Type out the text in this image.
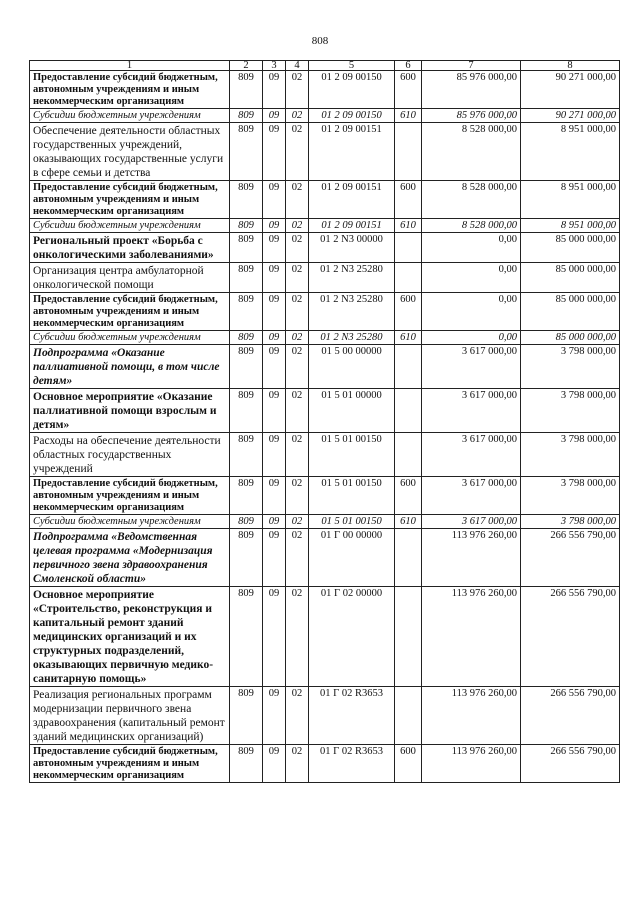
808
1	2	3	4	5	6	7	8
Предоставление субсидий бюджетным, автономным учреждениям и иным некоммерческим организациям	809	09	02	01 2 09 00150	600	85 976 000,00	90 271 000,00
Субсидии бюджетным учреждениям	809	09	02	01 2 09 00150	610	85 976 000,00	90 271 000,00
Обеспечение деятельности областных государственных учреждений, оказывающих государственные услуги в сфере семьи и детства	809	09	02	01 2 09 00151		8 528 000,00	8 951 000,00
Предоставление субсидий бюджетным, автономным учреждениям и иным некоммерческим организациям	809	09	02	01 2 09 00151	600	8 528 000,00	8 951 000,00
Субсидии бюджетным учреждениям	809	09	02	01 2 09 00151	610	8 528 000,00	8 951 000,00
Региональный проект «Борьба с онкологическими заболеваниями»	809	09	02	01 2 N3 00000		0,00	85 000 000,00
Организация центра амбулаторной онкологической помощи	809	09	02	01 2 N3 25280		0,00	85 000 000,00
Предоставление субсидий бюджетным, автономным учреждениям и иным некоммерческим организациям	809	09	02	01 2 N3 25280	600	0,00	85 000 000,00
Субсидии бюджетным учреждениям	809	09	02	01 2 N3 25280	610	0,00	85 000 000,00
Подпрограмма «Оказание паллиативной помощи, в том числе детям»	809	09	02	01 5 00 00000		3 617 000,00	3 798 000,00
Основное мероприятие «Оказание паллиативной помощи взрослым и детям»	809	09	02	01 5 01 00000		3 617 000,00	3 798 000,00
Расходы на обеспечение деятельности областных государственных учреждений	809	09	02	01 5 01 00150		3 617 000,00	3 798 000,00
Предоставление субсидий бюджетным, автономным учреждениям и иным некоммерческим организациям	809	09	02	01 5 01 00150	600	3 617 000,00	3 798 000,00
Субсидии бюджетным учреждениям	809	09	02	01 5 01 00150	610	3 617 000,00	3 798 000,00
Подпрограмма «Ведомственная целевая программа «Модернизация первичного звена здравоохранения Смоленской области»	809	09	02	01 Г 00 00000		113 976 260,00	266 556 790,00
Основное мероприятие «Строительство, реконструкция и капитальный ремонт зданий медицинских организаций и их структурных подразделений, оказывающих первичную медико-санитарную помощь»	809	09	02	01 Г 02 00000		113 976 260,00	266 556 790,00
Реализация региональных программ модернизации первичного звена здравоохранения (капитальный ремонт зданий медицинских организаций)	809	09	02	01 Г 02 R3653		113 976 260,00	266 556 790,00
Предоставление субсидий бюджетным, автономным учреждениям и иным некоммерческим организациям	809	09	02	01 Г 02 R3653	600	113 976 260,00	266 556 790,00
